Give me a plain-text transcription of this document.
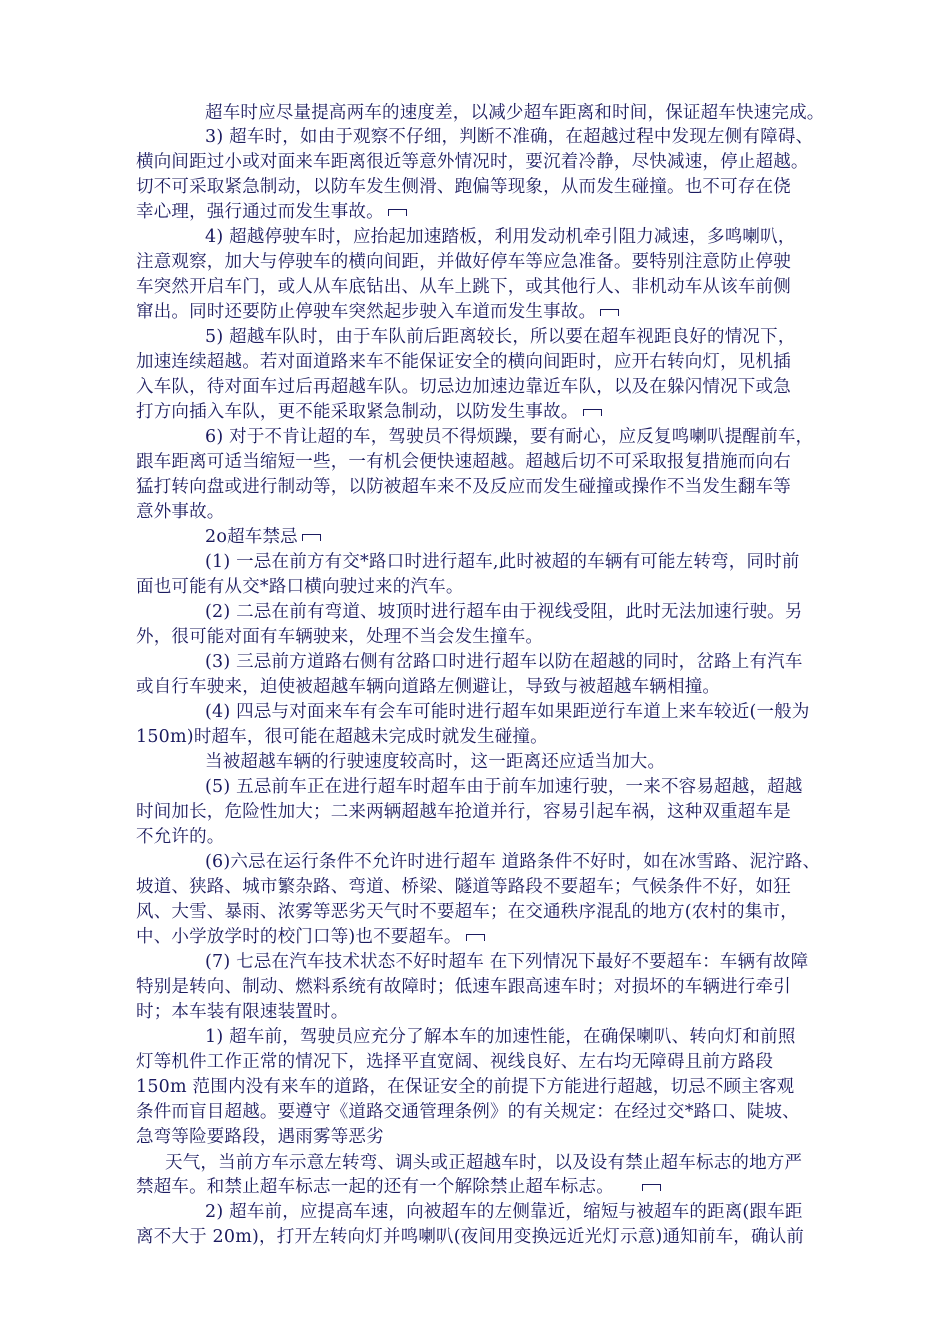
超车时应尽量提高两车的速度差，以减少超车距离和时间，保证超车快速完成。
3) 超车时，如由于观察不仔细，判断不准确，在超越过程中发现左侧有障碍、
横向间距过小或对面来车距离很近等意外情况时，要沉着冷静，尽快减速，停止超越。
切不可采取紧急制动，以防车发生侧滑、跑偏等现象，从而发生碰撞。也不可存在侥
幸心理，强行通过而发生事故。
4) 超越停驶车时，应抬起加速踏板，利用发动机牵引阻力减速，多鸣喇叭，
注意观察，加大与停驶车的横向间距，并做好停车等应急准备。要特别注意防止停驶
车突然开启车门，或人从车底钻出、从车上跳下，或其他行人、非机动车从该车前侧
窜出。同时还要防止停驶车突然起步驶入车道而发生事故。
5) 超越车队时，由于车队前后距离较长，所以要在超车视距良好的情况下，
加速连续超越。若对面道路来车不能保证安全的横向间距时，应开右转向灯，见机插
入车队，待对面车过后再超越车队。切忌边加速边靠近车队，以及在躲闪情况下或急
打方向插入车队，更不能采取紧急制动，以防发生事故。
6) 对于不肯让超的车，驾驶员不得烦躁，要有耐心，应反复鸣喇叭提醒前车，
跟车距离可适当缩短一些，一有机会便快速超越。超越后切不可采取报复措施而向右
猛打转向盘或进行制动等，以防被超车来不及反应而发生碰撞或操作不当发生翻车等
意外事故。
2o超车禁忌
(1) 一忌在前方有交*路口时进行超车,此时被超的车辆有可能左转弯，同时前
面也可能有从交*路口横向驶过来的汽车。
(2) 二忌在前有弯道、坡顶时进行超车由于视线受阻，此时无法加速行驶。另
外，很可能对面有车辆驶来，处理不当会发生撞车。
(3) 三忌前方道路右侧有岔路口时进行超车以防在超越的同时，岔路上有汽车
或自行车驶来，迫使被超越车辆向道路左侧避让，导致与被超越车辆相撞。
(4) 四忌与对面来车有会车可能时进行超车如果距逆行车道上来车较近(一般为
150m)时超车，很可能在超越未完成时就发生碰撞。
当被超越车辆的行驶速度较高时，这一距离还应适当加大。
(5) 五忌前车正在进行超车时超车由于前车加速行驶，一来不容易超越，超越
时间加长，危险性加大；二来两辆超越车抢道并行，容易引起车祸，这种双重超车是
不允许的。
(6)六忌在运行条件不允许时进行超车 道路条件不好时，如在冰雪路、泥泞路、
坡道、狭路、城市繁杂路、弯道、桥梁、隧道等路段不要超车；气候条件不好，如狂
风、大雪、暴雨、浓雾等恶劣天气时不要超车；在交通秩序混乱的地方(农村的集市，
中、小学放学时的校门口等)也不要超车。
(7) 七忌在汽车技术状态不好时超车 在下列情况下最好不要超车：车辆有故障
特别是转向、制动、燃料系统有故障时；低速车跟高速车时；对损坏的车辆进行牵引
时；本车装有限速装置时。
1) 超车前，驾驶员应充分了解本车的加速性能，在确保喇叭、转向灯和前照
灯等机件工作正常的情况下，选择平直宽阔、视线良好、左右均无障碍且前方路段
150m 范围内没有来车的道路，在保证安全的前提下方能进行超越，切忌不顾主客观
条件而盲目超越。要遵守《道路交通管理条例》的有关规定：在经过交*路口、陡坡、
急弯等险要路段，遇雨雾等恶劣
天气，当前方车示意左转弯、调头或正超越车时，以及设有禁止超车标志的地方严
禁超车。和禁止超车标志一起的还有一个解除禁止超车标志。
2) 超车前，应提高车速，向被超车的左侧靠近，缩短与被超车的距离(跟车距
离不大于 20m)，打开左转向灯并鸣喇叭(夜间用变换远近光灯示意)通知前车，确认前
